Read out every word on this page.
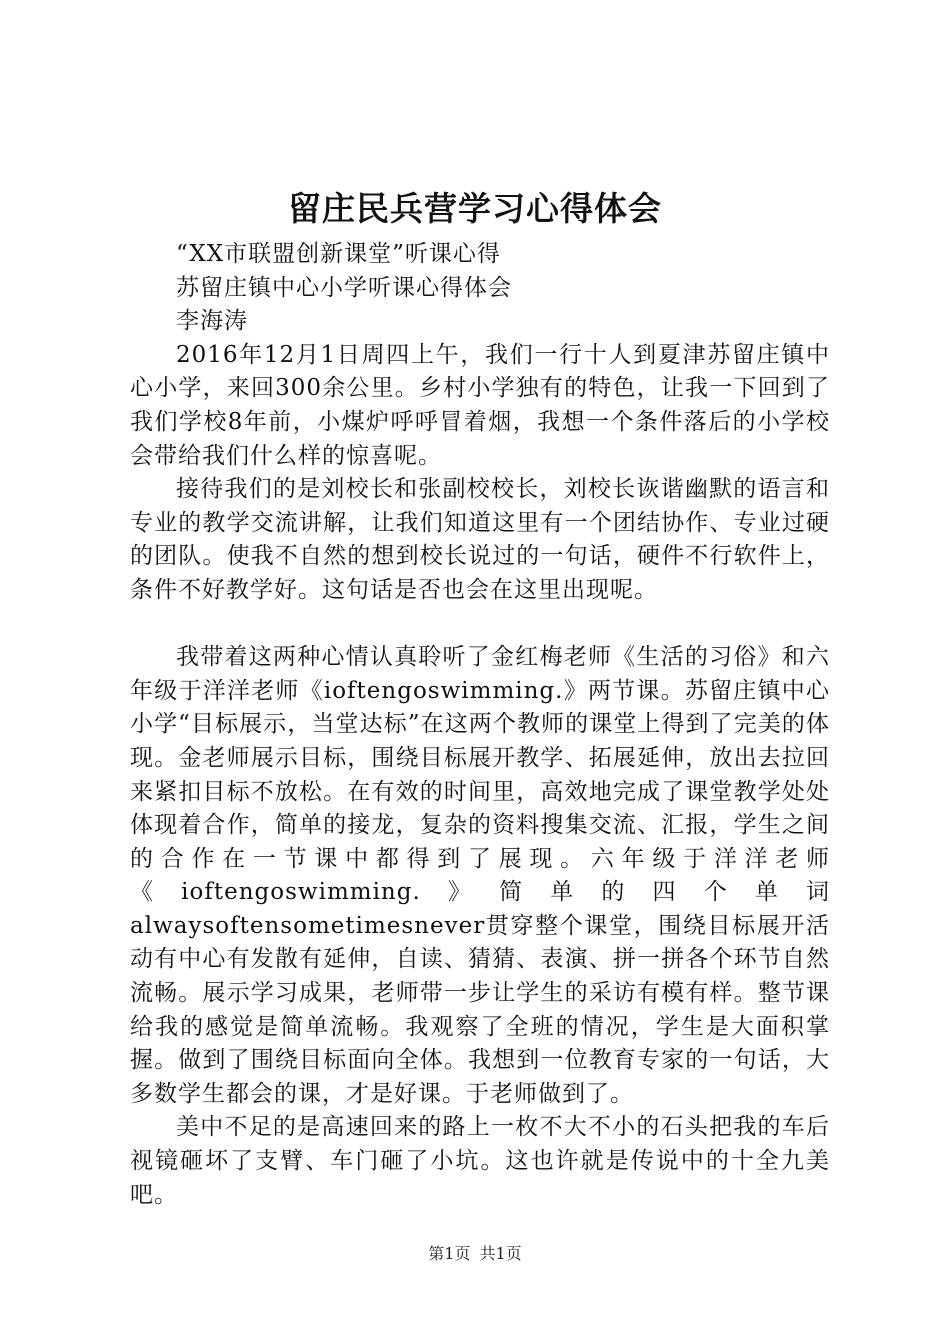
留庄民兵营学习心得体会

“XX市联盟创新课堂”听课心得

苏留庄镇中心小学听课心得体会

李海涛

2016年12月1日周四上午，我们一行十人到夏津苏留庄镇中心小学，来回300余公里。乡村小学独有的特色，让我一下回到了我们学校8年前，小煤炉呼呼冒着烟，我想一个条件落后的小学校会带给我们什么样的惊喜呢。

接待我们的是刘校长和张副校校长，刘校长诙谐幽默的语言和专业的教学交流讲解，让我们知道这里有一个团结协作、专业过硬的团队。使我不自然的想到校长说过的一句话，硬件不行软件上，条件不好教学好。这句话是否也会在这里出现呢。

我带着这两种心情认真聆听了金红梅老师《生活的习俗》和六年级于洋洋老师《ioftengoswimming.》两节课。苏留庄镇中心小学“目标展示，当堂达标”在这两个教师的课堂上得到了完美的体现。金老师展示目标，围绕目标展开教学、拓展延伸，放出去拉回来紧扣目标不放松。在有效的时间里，高效地完成了课堂教学处处体现着合作，简单的接龙，复杂的资料搜集交流、汇报，学生之间的合作在一节课中都得到了展现。六年级于洋洋老师《ioftengoswimming.》简单的四个单词alwaysoftensometimesnever贯穿整个课堂，围绕目标展开活动有中心有发散有延伸，自读、猜猜、表演、拼一拼各个环节自然流畅。展示学习成果，老师带一步让学生的采访有模有样。整节课给我的感觉是简单流畅。我观察了全班的情况，学生是大面积掌握。做到了围绕目标面向全体。我想到一位教育专家的一句话，大多数学生都会的课，才是好课。于老师做到了。

美中不足的是高速回来的路上一枚不大不小的石头把我的车后视镜砸坏了支臂、车门砸了小坑。这也许就是传说中的十全九美吧。

第1页 共1页
